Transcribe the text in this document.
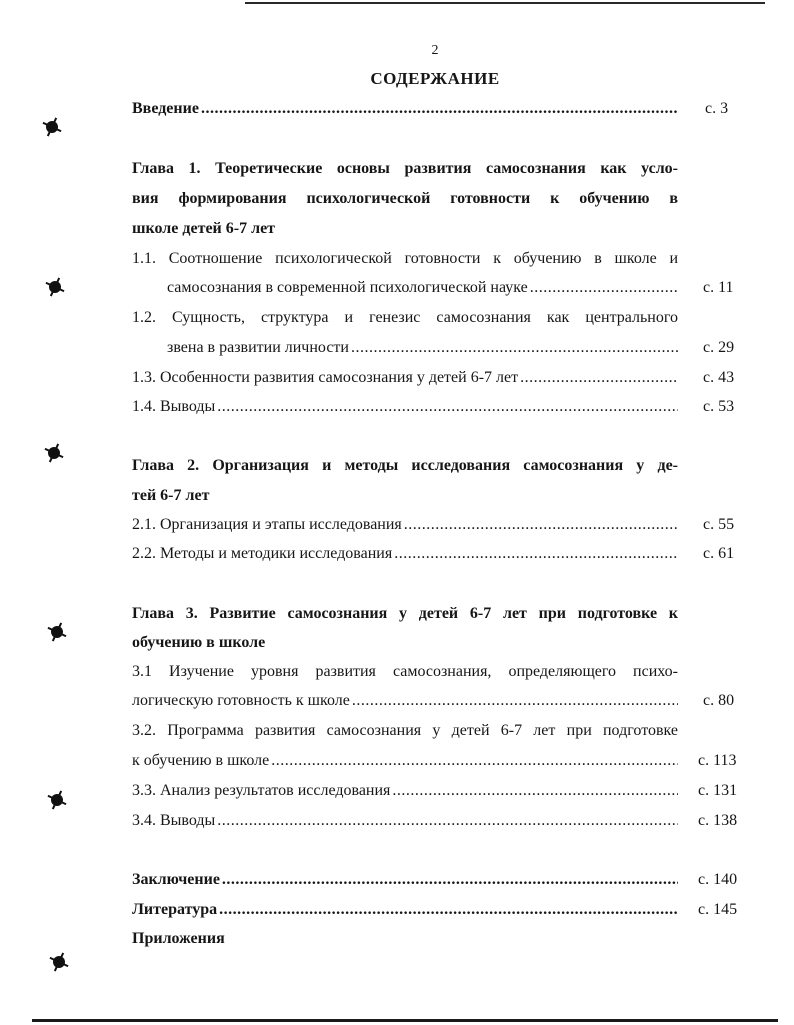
2
СОДЕРЖАНИЕ
Введение .....	с. 3
Глава 1. Теоретические основы развития самосознания как усло-
вия формирования психологической готовности к обучению в
школе детей 6-7 лет
1.1. Соотношение психологической готовности к обучению в школе и
самосознания в современной психологической науке .....	с. 11
1.2. Сущность, структура и генезис самосознания как центрального
звена в развитии личности .....	с. 29
1.3. Особенности развития самосознания у детей 6-7 лет .....	с. 43
1.4. Выводы .....	с. 53
Глава 2. Организация и методы исследования самосознания у де-
тей 6-7 лет
2.1. Организация и этапы исследования .....	с. 55
2.2. Методы и методики исследования .....	с. 61
Глава 3. Развитие самосознания у детей 6-7 лет при подготовке к
обучению в школе
3.1 Изучение уровня развития самосознания, определяющего психо-
логическую готовность к школе .....	с. 80
3.2. Программа развития самосознания у детей 6-7 лет при подготовке
к обучению в школе .....	с. 113
3.3. Анализ результатов исследования .....	с. 131
3.4. Выводы .....	с. 138
Заключение .....	с. 140
Литература .....	с. 145
Приложения
